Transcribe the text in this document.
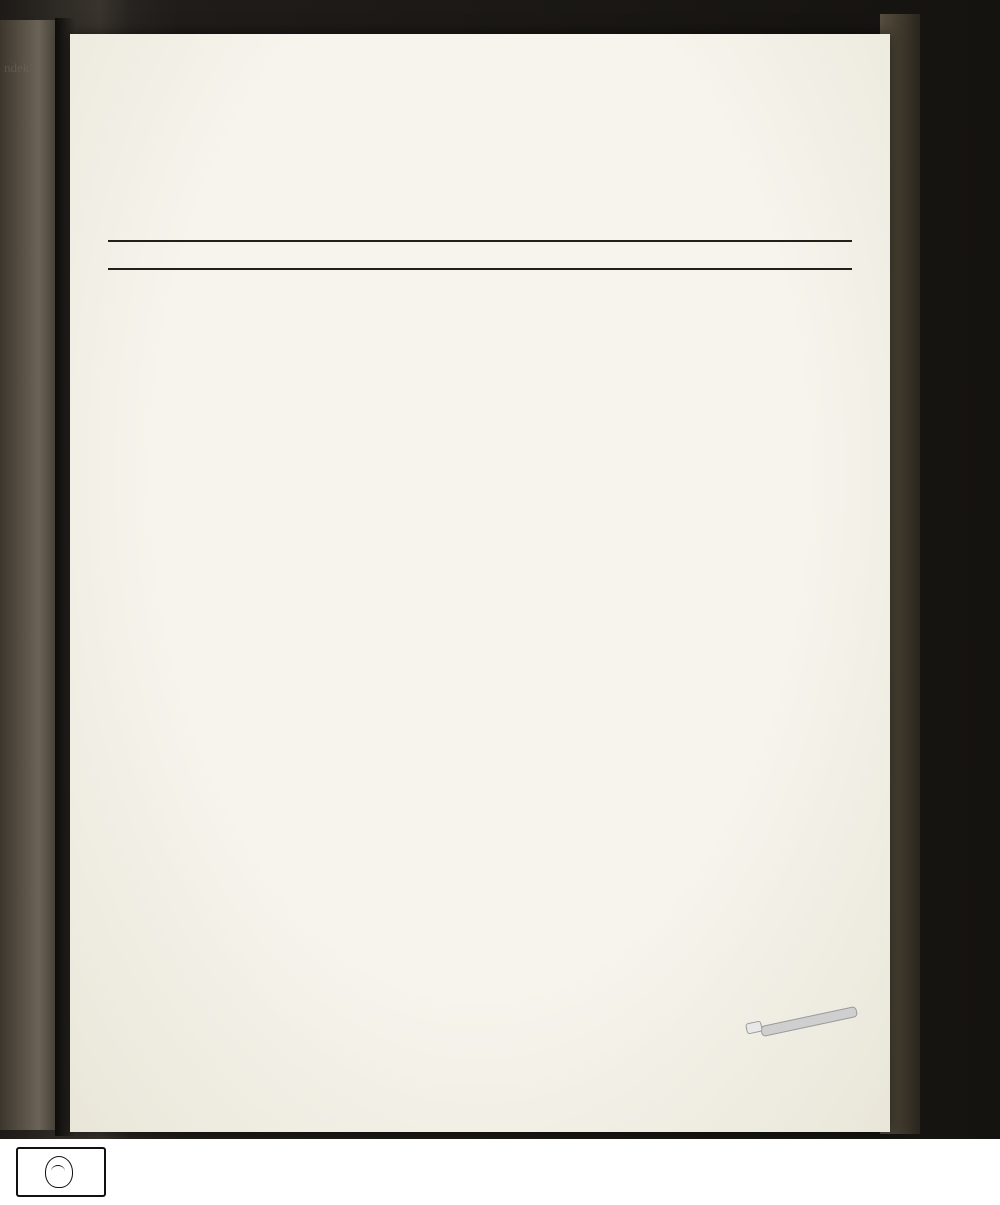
ndek
